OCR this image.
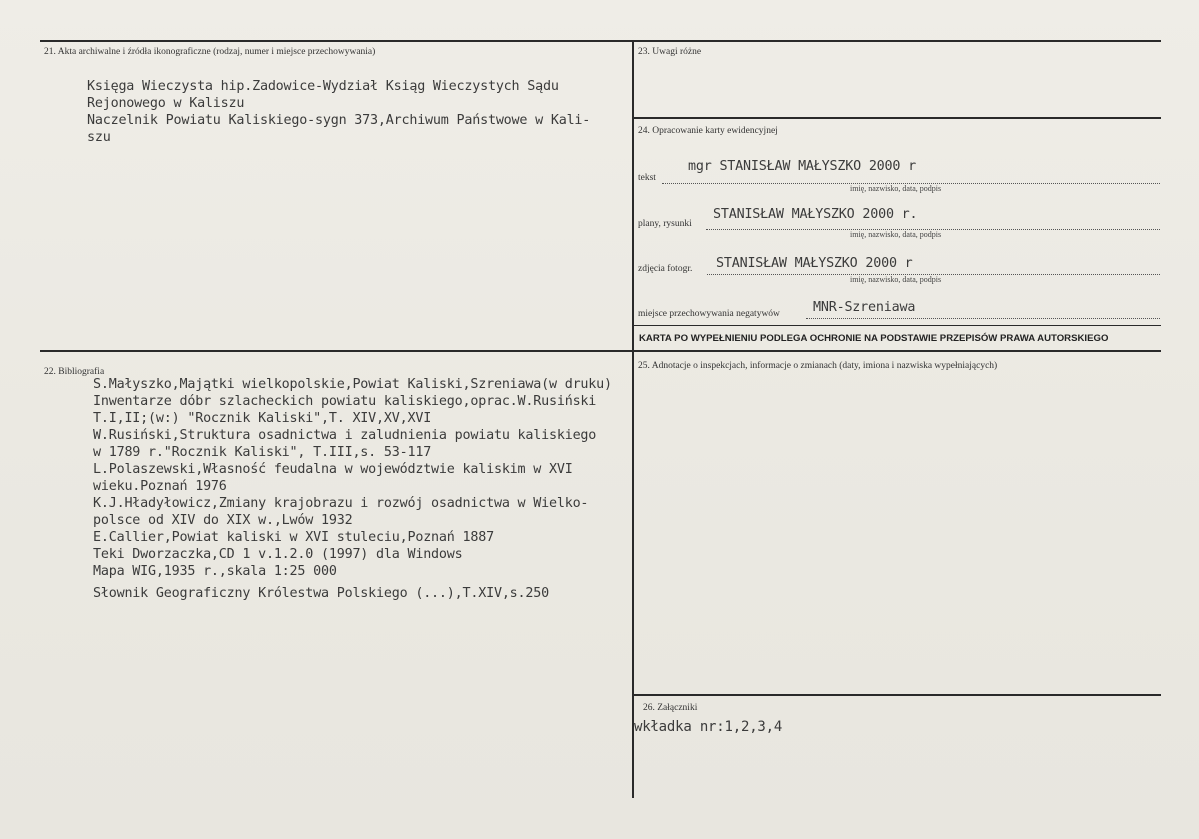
21. Akta archiwalne i źródła ikonograficzne (rodzaj, numer i miejsce przechowywania)
Księga Wieczysta hip.Zadowice-Wydział Ksiąg Wieczystych Sądu
Rejonowego w Kaliszu
Naczelnik Powiatu Kaliskiego-sygn 373,Archiwum Państwowe w Kali-
szu
22. Bibliografia
S.Małyszko,Majątki wielkopolskie,Powiat Kaliski,Szreniawa(w druku)
Inwentarze dóbr szlacheckich powiatu kaliskiego,oprac.W.Rusiński
T.I,II;(w:) "Rocznik Kaliski",T. XIV,XV,XVI
W.Rusiński,Struktura osadnictwa i zaludnienia powiatu kaliskiego
w 1789 r."Rocznik Kaliski", T.III,s. 53-117
L.Polaszewski,Własność feudalna w województwie kaliskim w XVI
wieku.Poznań 1976
K.J.Hładyłowicz,Zmiany krajobrazu i rozwój osadnictwa w Wielko-
polsce od XIV do XIX w.,Lwów 1932
E.Callier,Powiat kaliski w XVI stuleciu,Poznań 1887
Teki Dworzaczka,CD 1 v.1.2.0 (1997) dla Windows
Mapa WIG,1935 r.,skala 1:25 000
Słownik Geograficzny Królestwa Polskiego (...),T.XIV,s.250
23. Uwagi różne
24. Opracowanie karty ewidencyjnej
tekst
mgr STANISŁAW MAŁYSZKO 2000 r
imię, nazwisko, data, podpis
plany, rysunki
STANISŁAW MAŁYSZKO 2000 r.
imię, nazwisko, data, podpis
zdjęcia fotogr. STANISŁAW MAŁYSZKO 2000 r
imię, nazwisko, data, podpis
miejsce przechowywania negatywów MNR-Szreniawa
KARTA PO WYPEŁNIENIU PODLEGA OCHRONIE NA PODSTAWIE PRZEPISÓW PRAWA AUTORSKIEGO
25. Adnotacje o inspekcjach, informacje o zmianach (daty, imiona i nazwiska wypełniających)
26. Załączniki
wkładka nr:1,2,3,4
